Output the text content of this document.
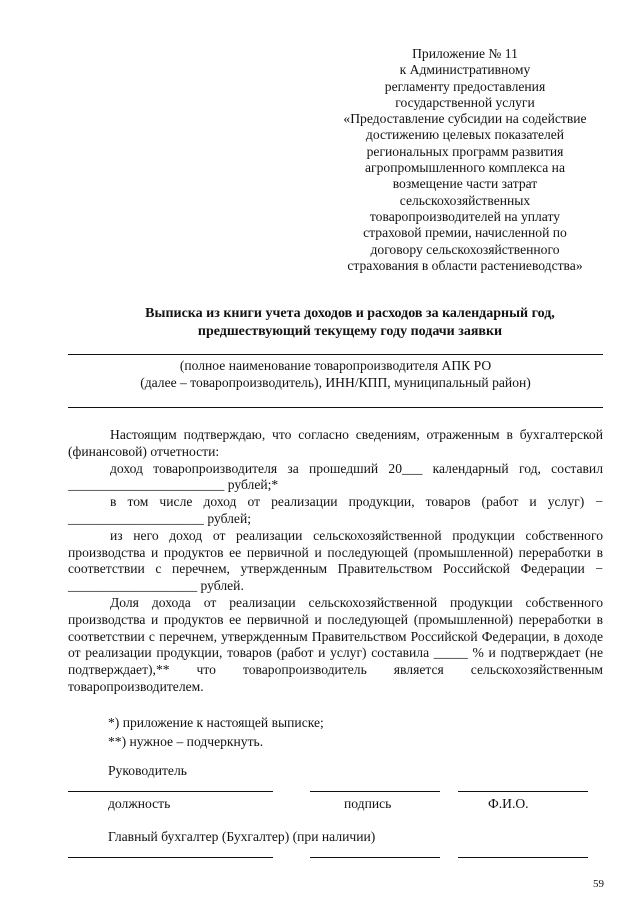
Приложение № 11
к Административному
регламенту предоставления
государственной услуги
«Предоставление субсидии на содействие
достижению целевых показателей
региональных программ развития
агропромышленного комплекса на
возмещение части затрат
сельскохозяйственных
товаропроизводителей на уплату
страховой премии, начисленной по
договору сельскохозяйственного
страхования в области растениеводства»
Выписка из книги учета доходов и расходов за календарный год,
предшествующий текущему году подачи заявки
(полное наименование товаропроизводителя АПК РО
(далее – товаропроизводитель), ИНН/КПП, муниципальный район)

Настоящим подтверждаю, что согласно сведениям, отраженным в бухгалтерской (финансовой) отчетности:

доход товаропроизводителя за прошедший 20___ календарный год, составил _______________________ рублей;*

в том числе доход от реализации продукции, товаров (работ и услуг) − ____________________ рублей;

из него доход от реализации сельскохозяйственной продукции собственного производства и продуктов ее первичной и последующей (промышленной) переработки в соответствии с перечнем, утвержденным Правительством Российской Федерации − ___________________ рублей.

Доля дохода от реализации сельскохозяйственной продукции собственного производства и продуктов ее первичной и последующей (промышленной) переработки в соответствии с перечнем, утвержденным Правительством Российской Федерации, в доходе от реализации продукции, товаров (работ и услуг) составила _____ % и подтверждает (не подтверждает),** что товаропроизводитель является сельскохозяйственным товаропроизводителем.

*) приложение к настоящей выписке;
**) нужное – подчеркнуть.
Руководитель
должность	подпись	Ф.И.О.
Главный бухгалтер (Бухгалтер) (при наличии)
59
